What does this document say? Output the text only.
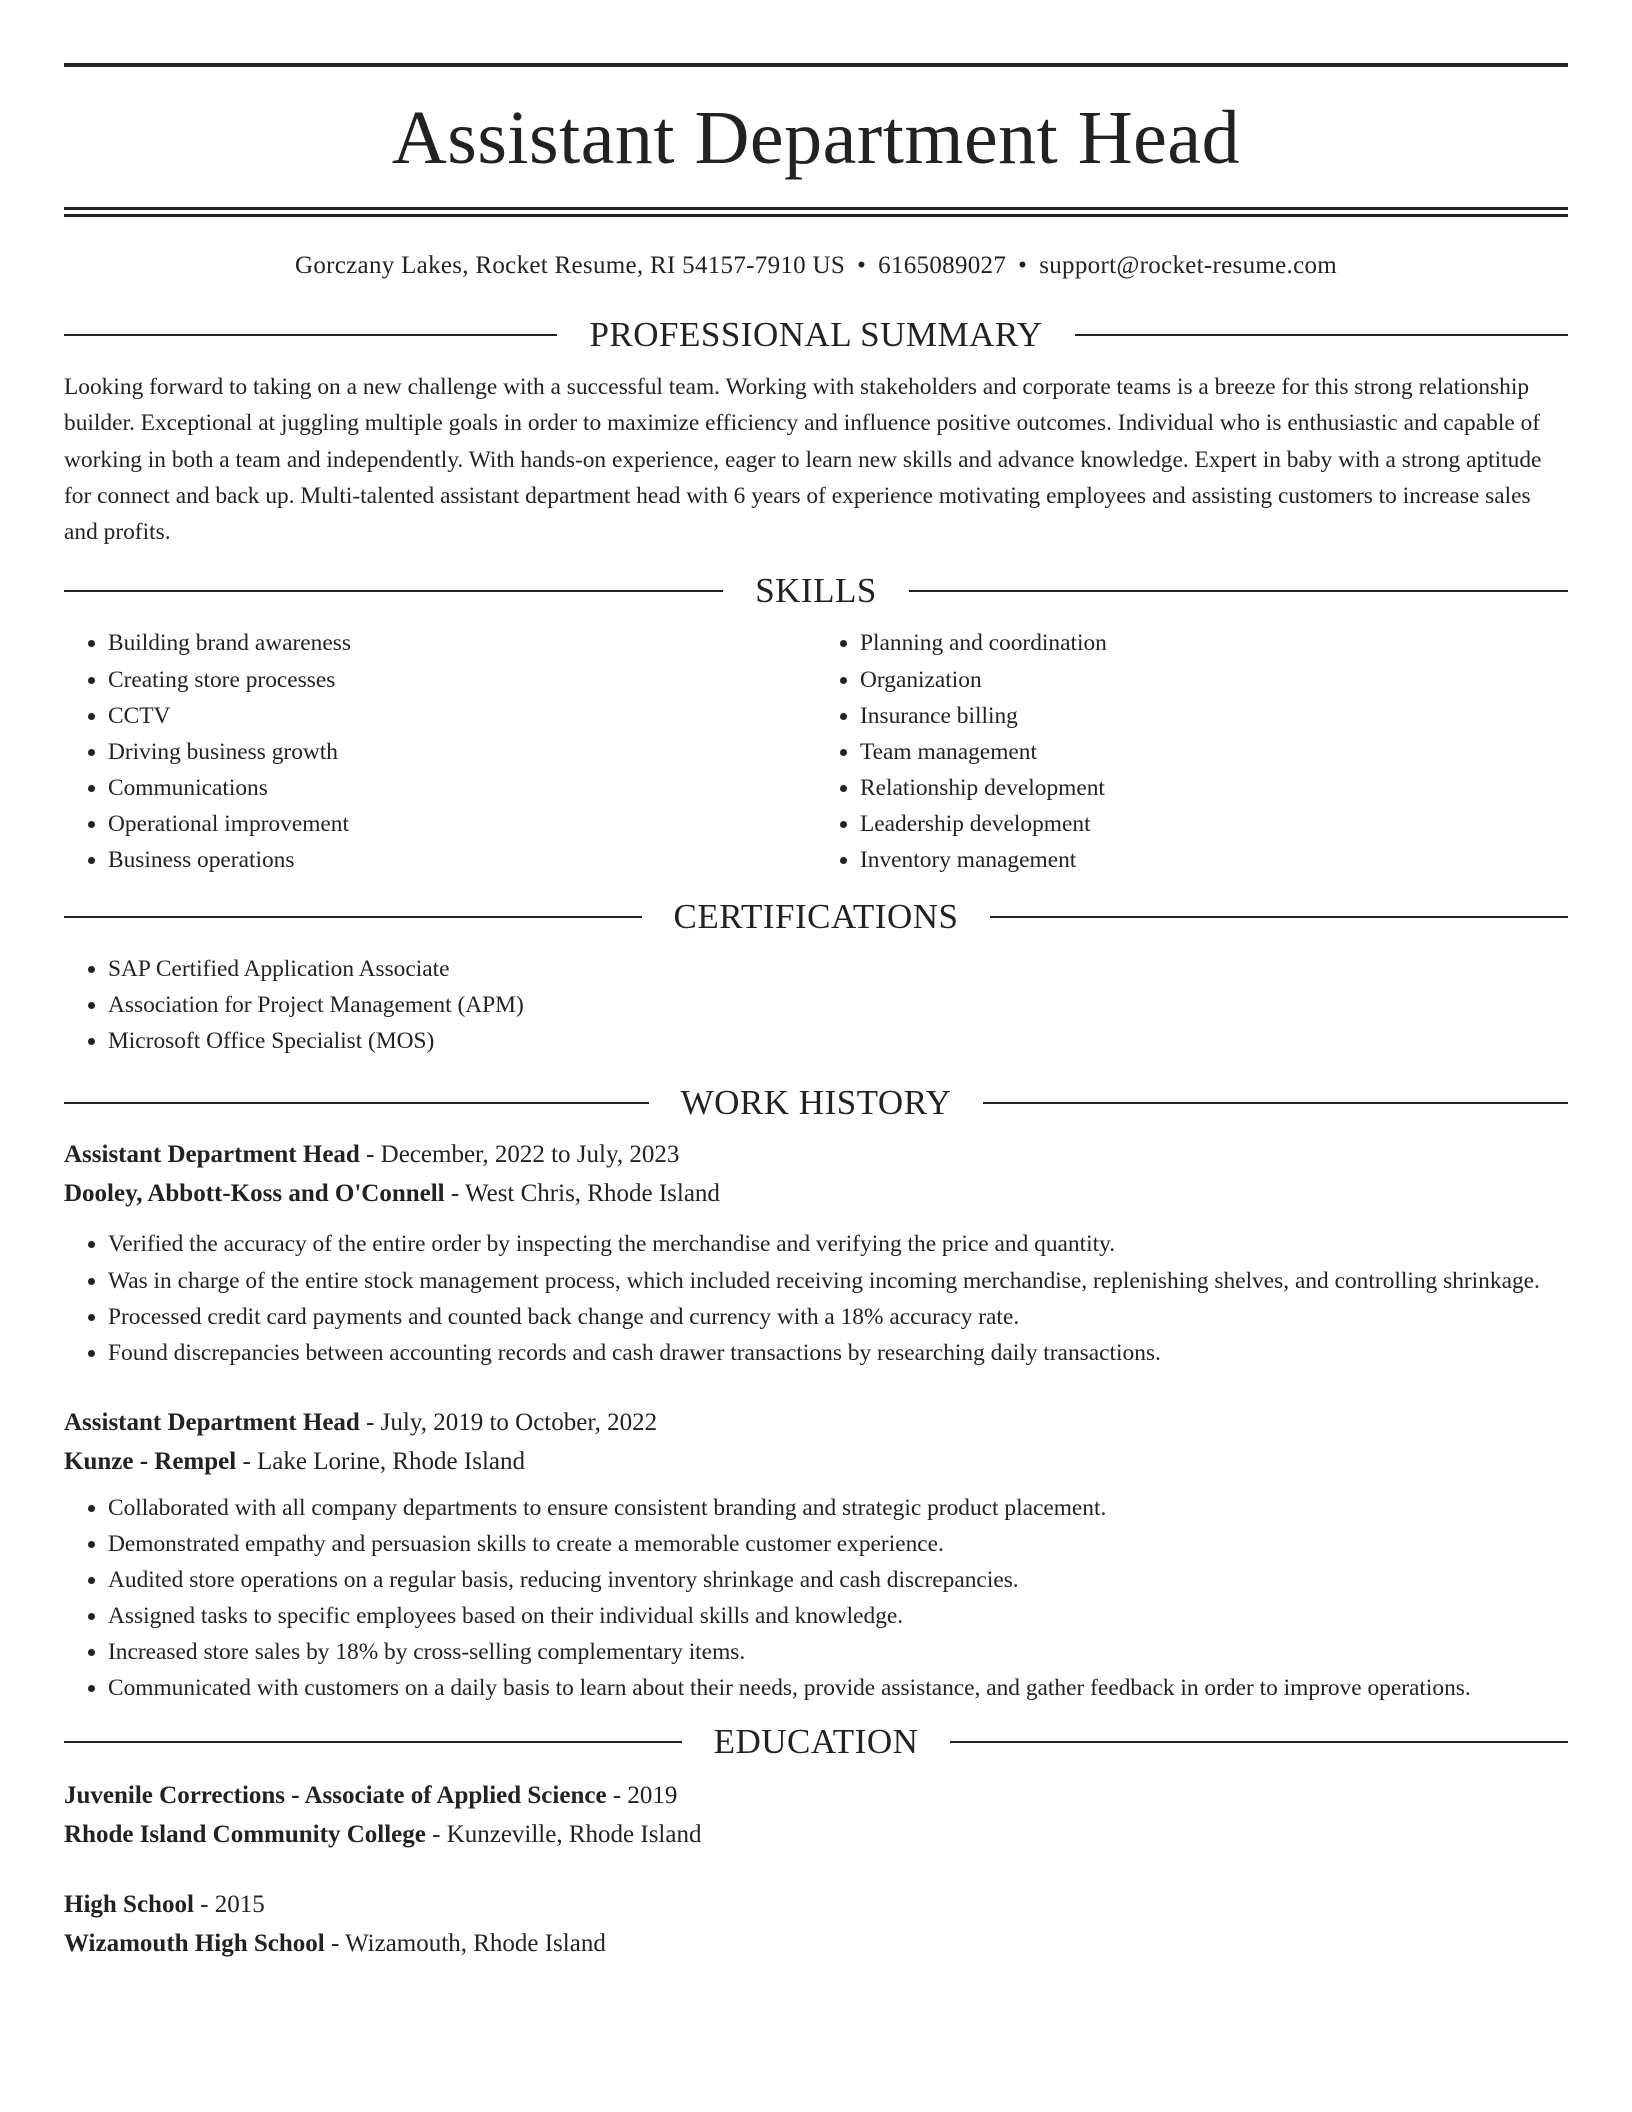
Assistant Department Head
Gorczany Lakes, Rocket Resume, RI 54157-7910 US • 6165089027 • support@rocket-resume.com
PROFESSIONAL SUMMARY

Looking forward to taking on a new challenge with a successful team. Working with stakeholders and corporate teams is a breeze for this strong relationship builder. Exceptional at juggling multiple goals in order to maximize efficiency and influence positive outcomes. Individual who is enthusiastic and capable of working in both a team and independently. With hands-on experience, eager to learn new skills and advance knowledge. Expert in baby with a strong aptitude for connect and back up. Multi-talented assistant department head with 6 years of experience motivating employees and assisting customers to increase sales and profits.

SKILLS
• Building brand awareness
• Creating store processes
• CCTV
• Driving business growth
• Communications
• Operational improvement
• Business operations
• Planning and coordination
• Organization
• Insurance billing
• Team management
• Relationship development
• Leadership development
• Inventory management
CERTIFICATIONS
• SAP Certified Application Associate
• Association for Project Management (APM)
• Microsoft Office Specialist (MOS)
WORK HISTORY
Assistant Department Head - December, 2022 to July, 2023
Dooley, Abbott-Koss and O'Connell - West Chris, Rhode Island
• Verified the accuracy of the entire order by inspecting the merchandise and verifying the price and quantity.
• Was in charge of the entire stock management process, which included receiving incoming merchandise, replenishing shelves, and controlling shrinkage.
• Processed credit card payments and counted back change and currency with a 18% accuracy rate.
• Found discrepancies between accounting records and cash drawer transactions by researching daily transactions.
Assistant Department Head - July, 2019 to October, 2022
Kunze - Rempel - Lake Lorine, Rhode Island
• Collaborated with all company departments to ensure consistent branding and strategic product placement.
• Demonstrated empathy and persuasion skills to create a memorable customer experience.
• Audited store operations on a regular basis, reducing inventory shrinkage and cash discrepancies.
• Assigned tasks to specific employees based on their individual skills and knowledge.
• Increased store sales by 18% by cross-selling complementary items.
• Communicated with customers on a daily basis to learn about their needs, provide assistance, and gather feedback in order to improve operations.
EDUCATION
Juvenile Corrections - Associate of Applied Science - 2019
Rhode Island Community College - Kunzeville, Rhode Island
High School - 2015
Wizamouth High School - Wizamouth, Rhode Island
